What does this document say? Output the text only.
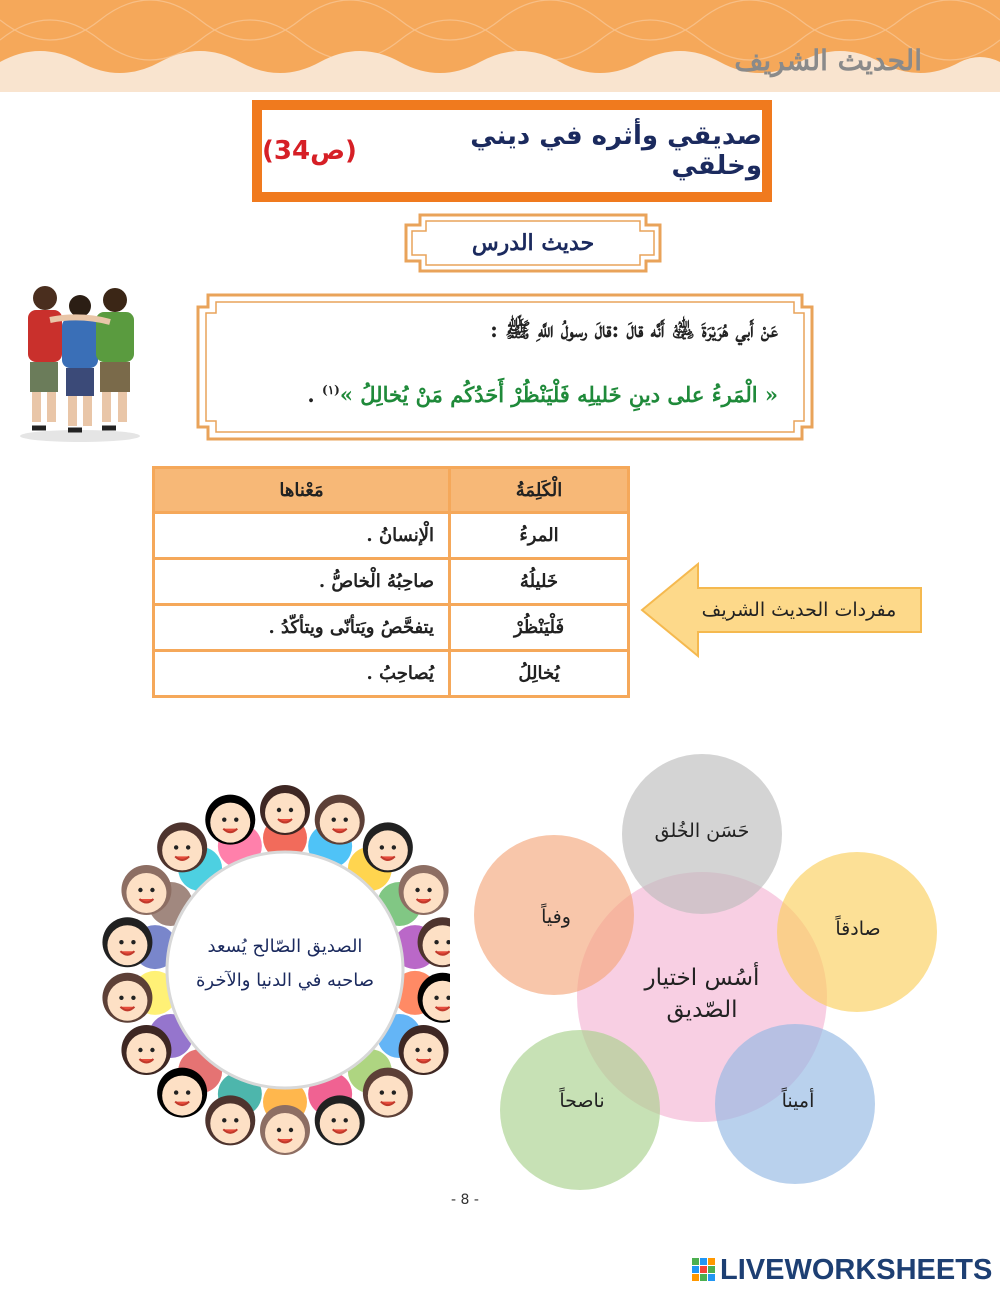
الحديث الشريف
صديقي وأثره في ديني وخلقي
(ص34)
حديث الدرس
عَنْ أَبي هُرَيْرَةَ ﵁ أَنَّه قالَ :قالَ رسولُ اللَّهِ ﷺ :
« الْمَرءُ على دينِ خَليلِه فَلْيَنْظُرْ أَحَدُكُم مَنْ يُخالِلُ »$^{(١)}$ .
الْكَلِمَةُ	مَعْناها
المرءُ	الْإنسانُ .
خَليلُهُ	صاحِبُهُ الْخاصُّ .
فَلْيَنْظُرْ	يتفحَّصُ ويَتأنّى ويتأكّدُ .
يُخالِلُ	يُصاحِبُ .
مفردات الحديث الشريف
الصديق الصّالح يُسعد
صاحبه في الدنيا والآخرة
حَسَن الخُلق
صادقاً
أميناً
ناصحاً
وفياً
أسُس اختيار
الصّديق
- 8 -
LIVEWORKSHEETS
